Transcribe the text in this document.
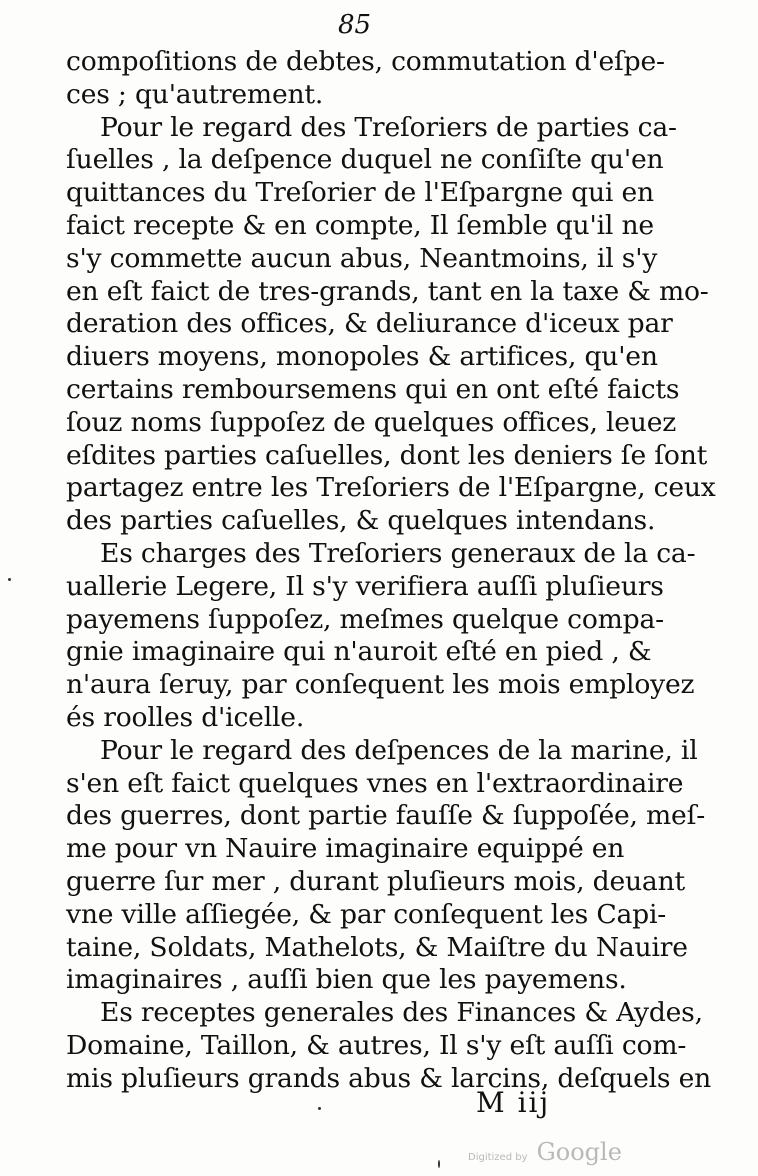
85
compoſitions de debtes, commutation d'eſpe-
ces ; qu'autrement.
Pour le regard des Treſoriers de parties ca-
ſuelles , la deſpence duquel ne conſiſte qu'en
quittances du Treſorier de l'Eſpargne qui en
faict recepte & en compte, Il ſemble qu'il ne
s'y commette aucun abus, Neantmoins, il s'y
en eſt faict de tres-grands, tant en la taxe & mo-
deration des offices, & deliurance d'iceux par
diuers moyens, monopoles & artifices, qu'en
certains remboursemens qui en ont eſté faicts
ſouz noms ſuppoſez de quelques offices, leuez
eſdites parties caſuelles, dont les deniers ſe ſont
partagez entre les Treſoriers de l'Eſpargne, ceux
des parties caſuelles, & quelques intendans.
Es charges des Treſoriers generaux de la ca-
uallerie Legere, Il s'y verifiera auſſi pluſieurs
payemens ſuppoſez, meſmes quelque compa-
gnie imaginaire qui n'auroit eſté en pied , &
n'aura ſeruy, par conſequent les mois employez
és roolles d'icelle.
Pour le regard des deſpences de la marine, il
s'en eſt faict quelques vnes en l'extraordinaire
des guerres, dont partie fauſſe & ſuppoſée, meſ-
me pour vn Nauire imaginaire equippé en
guerre ſur mer , durant pluſieurs mois, deuant
vne ville aſſiegée, & par conſequent les Capi-
taine, Soldats, Mathelots, & Maiſtre du Nauire
imaginaires , auſſi bien que les payemens.
Es receptes generales des Finances & Aydes,
Domaine, Taillon, & autres, Il s'y eſt auſſi com-
mis pluſieurs grands abus & larcins, deſquels en
M iij
Digitized by Google
